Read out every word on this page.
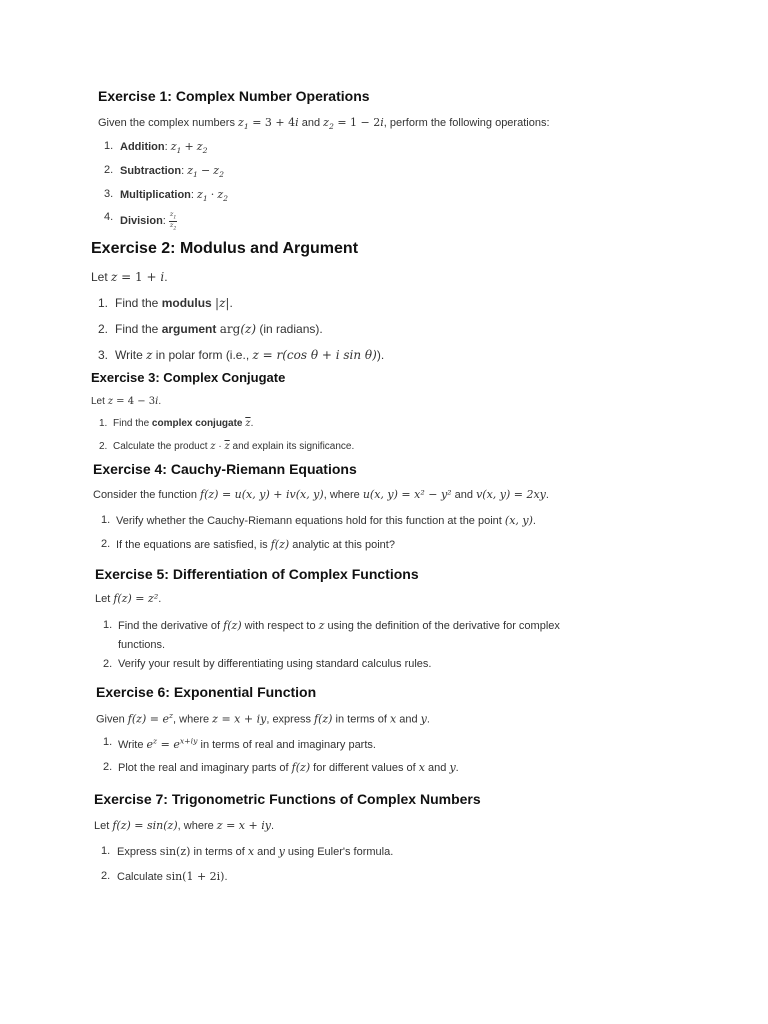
Exercise 1: Complex Number Operations
Given the complex numbers $z_1 = 3 + 4i$ and $z_2 = 1 - 2i$, perform the following operations:
1. Addition: $z_1 + z_2$
2. Subtraction: $z_1 - z_2$
3. Multiplication: $z_1 \cdot z_2$
4. Division: $\frac{z_1}{z_2}$
Exercise 2: Modulus and Argument
Let z = 1 + i.
1. Find the modulus |z|.
2. Find the argument arg(z) (in radians).
3. Write z in polar form (i.e., z = r(cos θ + i sin θ)).
Exercise 3: Complex Conjugate
Let z = 4 − 3i.
1. Find the complex conjugate $\overline{z}$.
2. Calculate the product $z \cdot \overline{z}$ and explain its significance.
Exercise 4: Cauchy-Riemann Equations
Consider the function f(z) = u(x, y) + iv(x, y), where u(x, y) = x² − y² and v(x, y) = 2xy.
1. Verify whether the Cauchy-Riemann equations hold for this function at the point (x, y).
2. If the equations are satisfied, is f(z) analytic at this point?
Exercise 5: Differentiation of Complex Functions
Let f(z) = z².
1. Find the derivative of f(z) with respect to z using the definition of the derivative for complex
functions.
2. Verify your result by differentiating using standard calculus rules.
Exercise 6: Exponential Function
Given $f(z) = e^z$, where z = x + iy, express f(z) in terms of x and y.
1. Write $e^z = e^{x+iy}$ in terms of real and imaginary parts.
2. Plot the real and imaginary parts of f(z) for different values of x and y.
Exercise 7: Trigonometric Functions of Complex Numbers
Let f(z) = sin(z), where z = x + iy.
1. Express sin(z) in terms of x and y using Euler's formula.
2. Calculate sin(1 + 2i).
